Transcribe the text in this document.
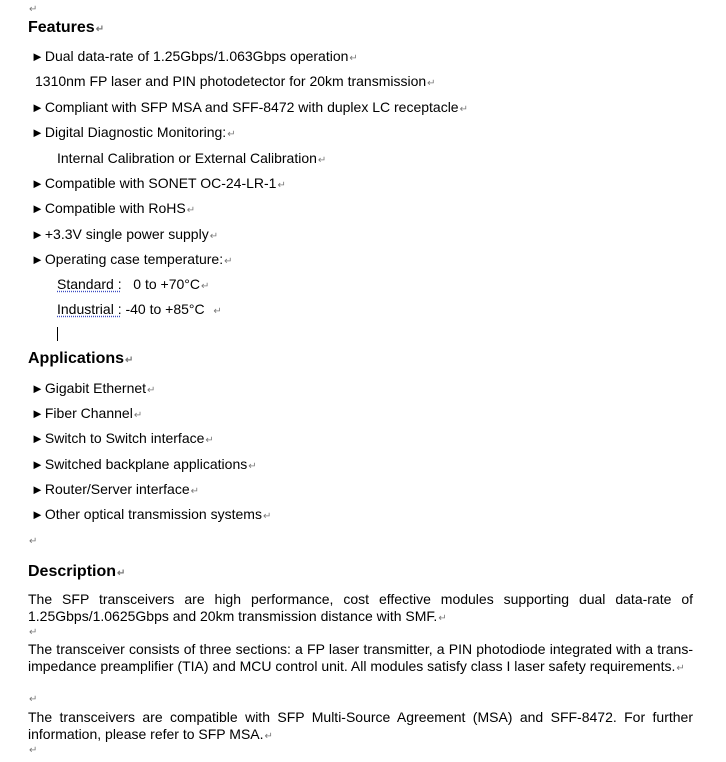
↵
Features↵
►Dual data-rate of 1.25Gbps/1.063Gbps operation↵
1310nm FP laser and PIN photodetector for 20km transmission↵
►Compliant with SFP MSA and SFF-8472 with duplex LC receptacle↵
►Digital Diagnostic Monitoring:↵
Internal Calibration or External Calibration↵
►Compatible with SONET OC-24-LR-1↵
►Compatible with RoHS↵
►+3.3V single power supply↵
►Operating case temperature:↵
Standard : 0 to +70°C↵
Industrial : -40 to +85°C ↵
Applications↵
►Gigabit Ethernet↵
►Fiber Channel↵
►Switch to Switch interface↵
►Switched backplane applications↵
►Router/Server interface↵
►Other optical transmission systems↵
↵
Description↵
The SFP transceivers are high performance, cost effective modules supporting dual data-rate of 1.25Gbps/1.0625Gbps and 20km transmission distance with SMF.↵
↵
The transceiver consists of three sections: a FP laser transmitter, a PIN photodiode integrated with a trans-impedance preamplifier (TIA) and MCU control unit. All modules satisfy class I laser safety requirements.↵
↵
The transceivers are compatible with SFP Multi-Source Agreement (MSA) and SFF-8472. For further information, please refer to SFP MSA.↵
↵
